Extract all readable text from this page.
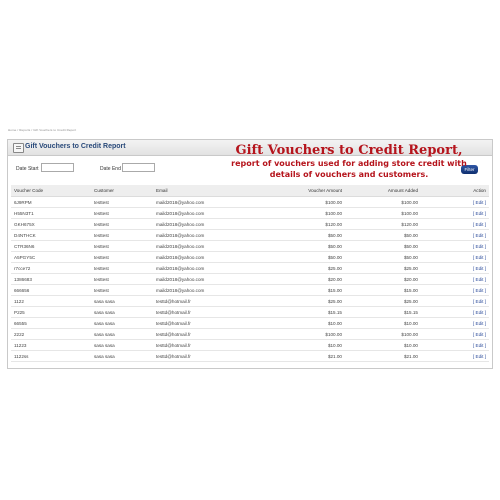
Home / Reports / Gift Vouchers to Credit Report
Gift Vouchers to Credit Report	Gift Vouchers to Credit Report,
report of vouchers used for adding store credit with
details of vouchers and customers.
Date Start	Date End	Filter
Voucher Code	Customer	Email	Voucher Amount	Amount Added	Action
6J9RPM	testtest	maild2018@yahoo.com	$100.00	$100.00	[ Edit ]
H55N3T1	testtest	maild2018@yahoo.com	$100.00	$100.00	[ Edit ]
GKH675X	testtest	maild2018@yahoo.com	$120.00	$120.00	[ Edit ]
D4NTHCK	testtest	maild2018@yahoo.com	$50.00	$50.00	[ Edit ]
CTR36N6	testtest	maild2018@yahoo.com	$50.00	$50.00	[ Edit ]
A5PGY5C	testtest	maild2018@yahoo.com	$50.00	$50.00	[ Edit ]
r7cce72	testtest	maild2018@yahoo.com	$25.00	$25.00	[ Edit ]
1386683	testtest	maild2018@yahoo.com	$20.00	$20.00	[ Edit ]
666656	testtest	maild2018@yahoo.com	$15.00	$15.00	[ Edit ]
1122	sasa sasa	testtd@hotmail.fr	$25.00	$25.00	[ Edit ]
P225	sasa sasa	testtd@hotmail.fr	$15.15	$15.15	[ Edit ]
66555	sasa sasa	testtd@hotmail.fr	$10.00	$10.00	[ Edit ]
2222	sasa sasa	testtd@hotmail.fr	$100.00	$100.00	[ Edit ]
11223	sasa sasa	testtd@hotmail.fr	$10.00	$10.00	[ Edit ]
1122ss	sasa sasa	testtd@hotmail.fr	$21.00	$21.00	[ Edit ]
